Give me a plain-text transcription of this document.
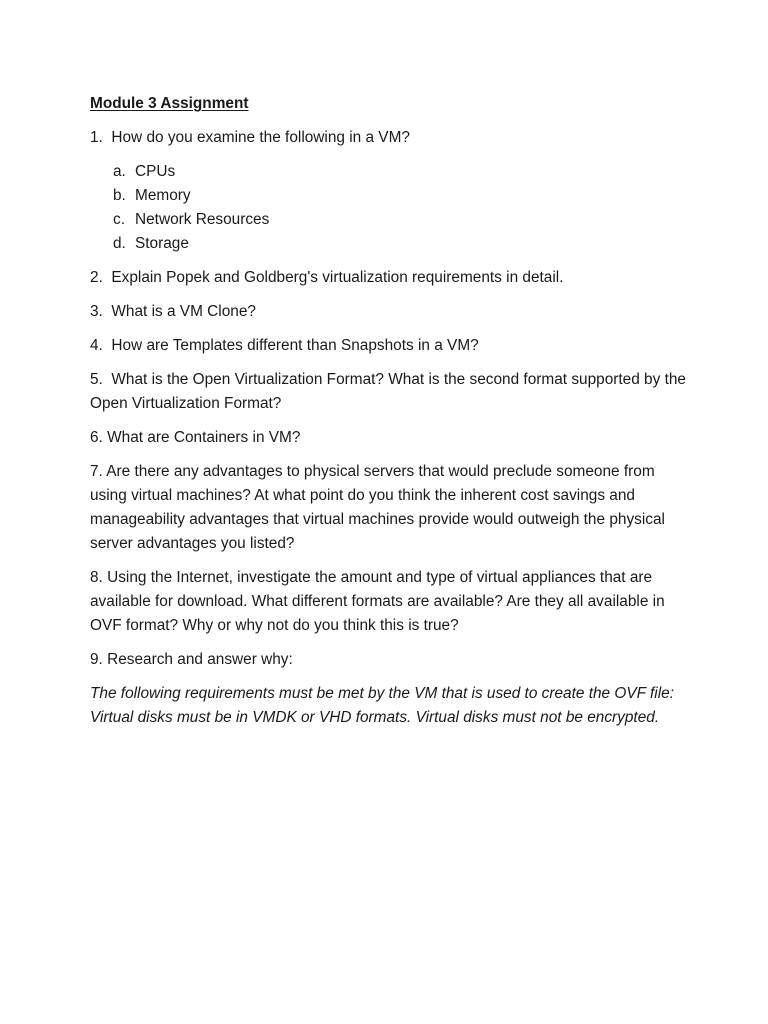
Module 3 Assignment

1.  How do you examine the following in a VM?

a. CPUs
b. Memory
c. Network Resources
d. Storage

2.  Explain Popek and Goldberg's virtualization requirements in detail.

3.  What is a VM Clone?

4.  How are Templates different than Snapshots in a VM?

5.  What is the Open Virtualization Format? What is the second format supported by the Open Virtualization Format?

6. What are Containers in VM?

7. Are there any advantages to physical servers that would preclude someone from using virtual machines? At what point do you think the inherent cost savings and manageability advantages that virtual machines provide would outweigh the physical server advantages you listed?

8. Using the Internet, investigate the amount and type of virtual appliances that are available for download. What different formats are available? Are they all available in OVF format? Why or why not do you think this is true?

9. Research and answer why:

The following requirements must be met by the VM that is used to create the OVF file: Virtual disks must be in VMDK or VHD formats. Virtual disks must not be encrypted.
